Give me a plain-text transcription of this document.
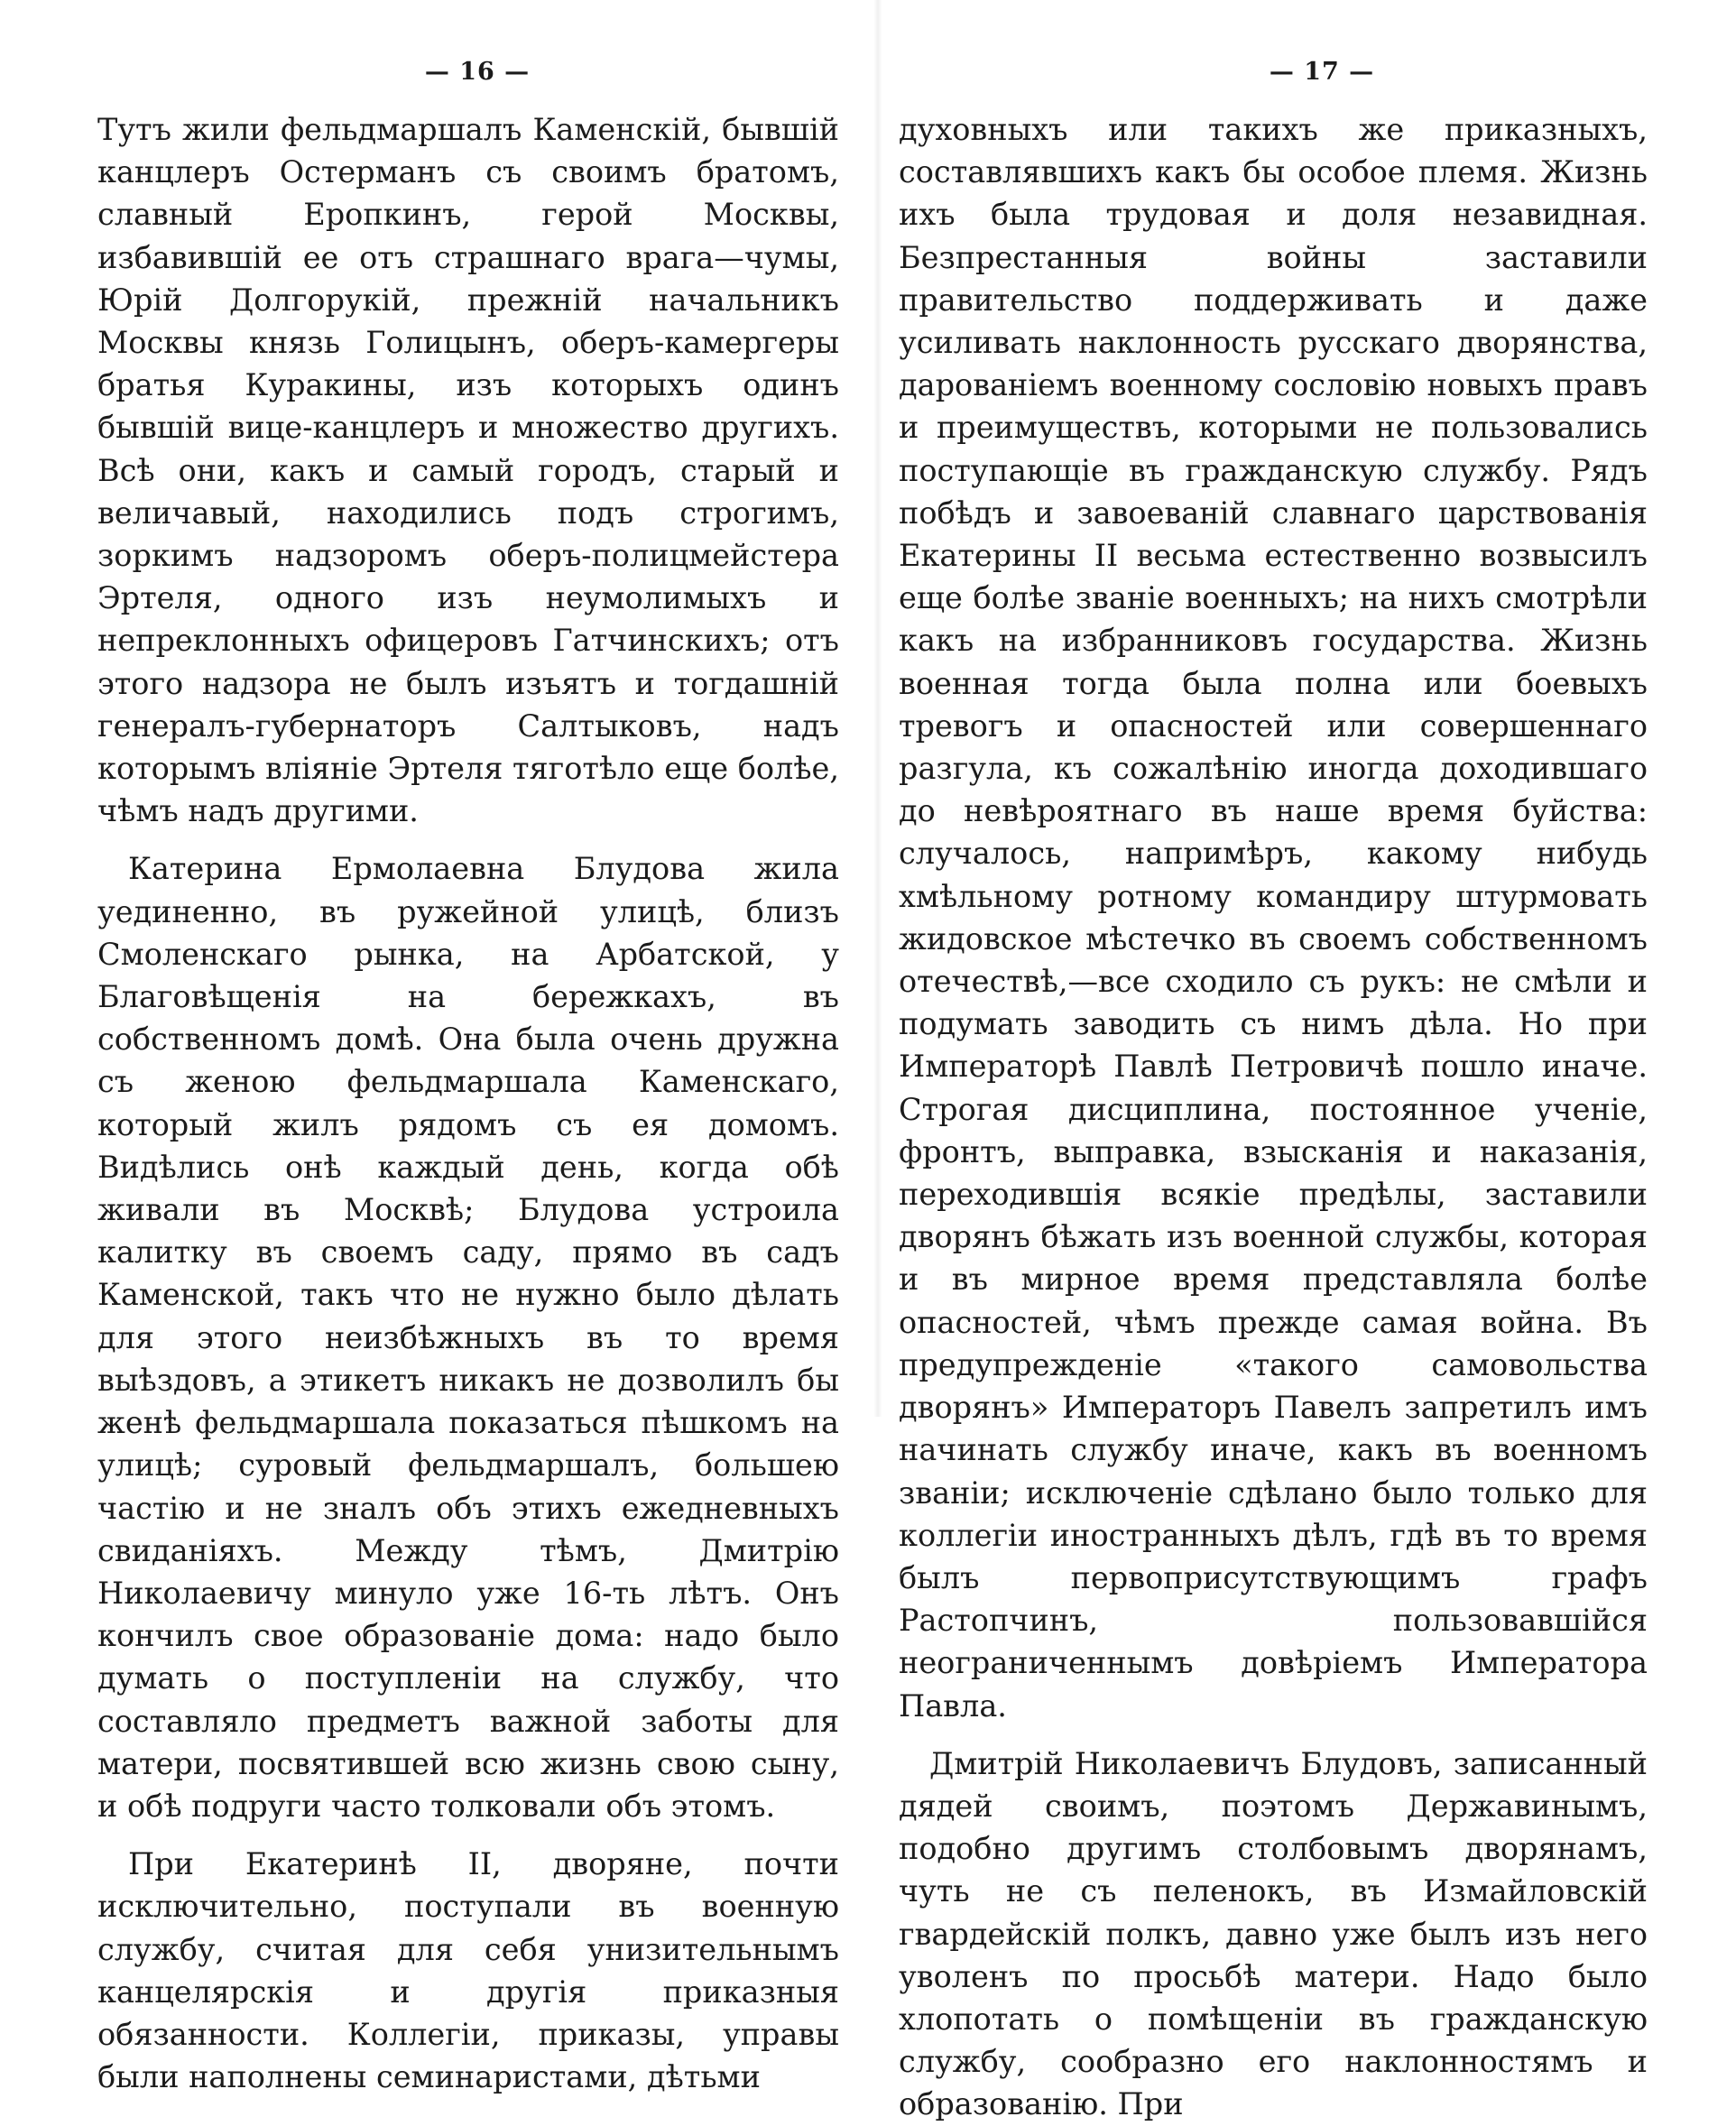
— 16 —

Тутъ жили фельдмаршалъ Каменскій, бывшій канцлеръ Остерманъ съ своимъ братомъ, славный Еропкинъ, герой Москвы, избавившій ее отъ страшнаго врага—чумы, Юрій Долгорукій, прежній начальникъ Москвы князь Голицынъ, оберъ-камергеры братья Куракины, изъ которыхъ одинъ бывшій вице-канцлеръ и множество другихъ. Всѣ они, какъ и самый городъ, старый и величавый, находились подъ строгимъ, зоркимъ надзоромъ оберъ-полицмейстера Эртеля, одного изъ неумолимыхъ и непреклонныхъ офицеровъ Гатчинскихъ; отъ этого надзора не былъ изъятъ и тогдашній генералъ-губернаторъ Салтыковъ, надъ которымъ вліяніе Эртеля тяготѣло еще болѣе, чѣмъ надъ другими.

Катерина Ермолаевна Блудова жила уединенно, въ ружейной улицѣ, близъ Смоленскаго рынка, на Арбатской, у Благовѣщенія на бережкахъ, въ собственномъ домѣ. Она была очень дружна съ женою фельдмаршала Каменскаго, который жилъ рядомъ съ ея домомъ. Видѣлись онѣ каждый день, когда обѣ живали въ Москвѣ; Блудова устроила калитку въ своемъ саду, прямо въ садъ Каменской, такъ что не нужно было дѣлать для этого неизбѣжныхъ въ то время выѣздовъ, а этикетъ никакъ не дозволилъ бы женѣ фельдмаршала показаться пѣшкомъ на улицѣ; суровый фельдмаршалъ, большею частію и не зналъ объ этихъ ежедневныхъ свиданіяхъ. Между тѣмъ, Дмитрію Николаевичу минуло уже 16-ть лѣтъ. Онъ кончилъ свое образованіе дома: надо было думать о поступленіи на службу, что составляло предметъ важной заботы для матери, посвятившей всю жизнь свою сыну, и обѣ подруги часто толковали объ этомъ.

При Екатеринѣ II, дворяне, почти исключительно, поступали въ военную службу, считая для себя унизительнымъ канцелярскія и другія приказныя обязанности. Коллегіи, приказы, управы были наполнены семинаристами, дѣтьми

— 17 —

духовныхъ или такихъ же приказныхъ, составлявшихъ какъ бы особое племя. Жизнь ихъ была трудовая и доля незавидная. Безпрестанныя войны заставили правительство поддерживать и даже усиливать наклонность русскаго дворянства, дарованіемъ военному сословію новыхъ правъ и преимуществъ, которыми не пользовались поступающіе въ гражданскую службу. Рядъ побѣдъ и завоеваній славнаго царствованія Екатерины II весьма естественно возвысилъ еще болѣе званіе военныхъ; на нихъ смотрѣли какъ на избранниковъ государства. Жизнь военная тогда была полна или боевыхъ тревогъ и опасностей или совершеннаго разгула, къ сожалѣнію иногда доходившаго до невѣроятнаго въ наше время буйства: случалось, напримѣръ, какому нибудь хмѣльному ротному командиру штурмовать жидовское мѣстечко въ своемъ собственномъ отечествѣ,—все сходило съ рукъ: не смѣли и подумать заводить съ нимъ дѣла. Но при Императорѣ Павлѣ Петровичѣ пошло иначе. Строгая дисциплина, постоянное ученіе, фронтъ, выправка, взысканія и наказанія, переходившія всякіе предѣлы, заставили дворянъ бѣжать изъ военной службы, которая и въ мирное время представляла болѣе опасностей, чѣмъ прежде самая война. Въ предупрежденіе «такого самовольства дворянъ» Императоръ Павелъ запретилъ имъ начинать службу иначе, какъ въ военномъ званіи; исключеніе сдѣлано было только для коллегіи иностранныхъ дѣлъ, гдѣ въ то время былъ первоприсутствующимъ графъ Растопчинъ, пользовавшійся неограниченнымъ довѣріемъ Императора Павла.

Дмитрій Николаевичъ Блудовъ, записанный дядей своимъ, поэтомъ Державинымъ, подобно другимъ столбовымъ дворянамъ, чуть не съ пеленокъ, въ Измайловскій гвардейскій полкъ, давно уже былъ изъ него уволенъ по просьбѣ матери. Надо было хлопотать о помѣщеніи въ гражданскую службу, сообразно его наклонностямъ и образованію. При
